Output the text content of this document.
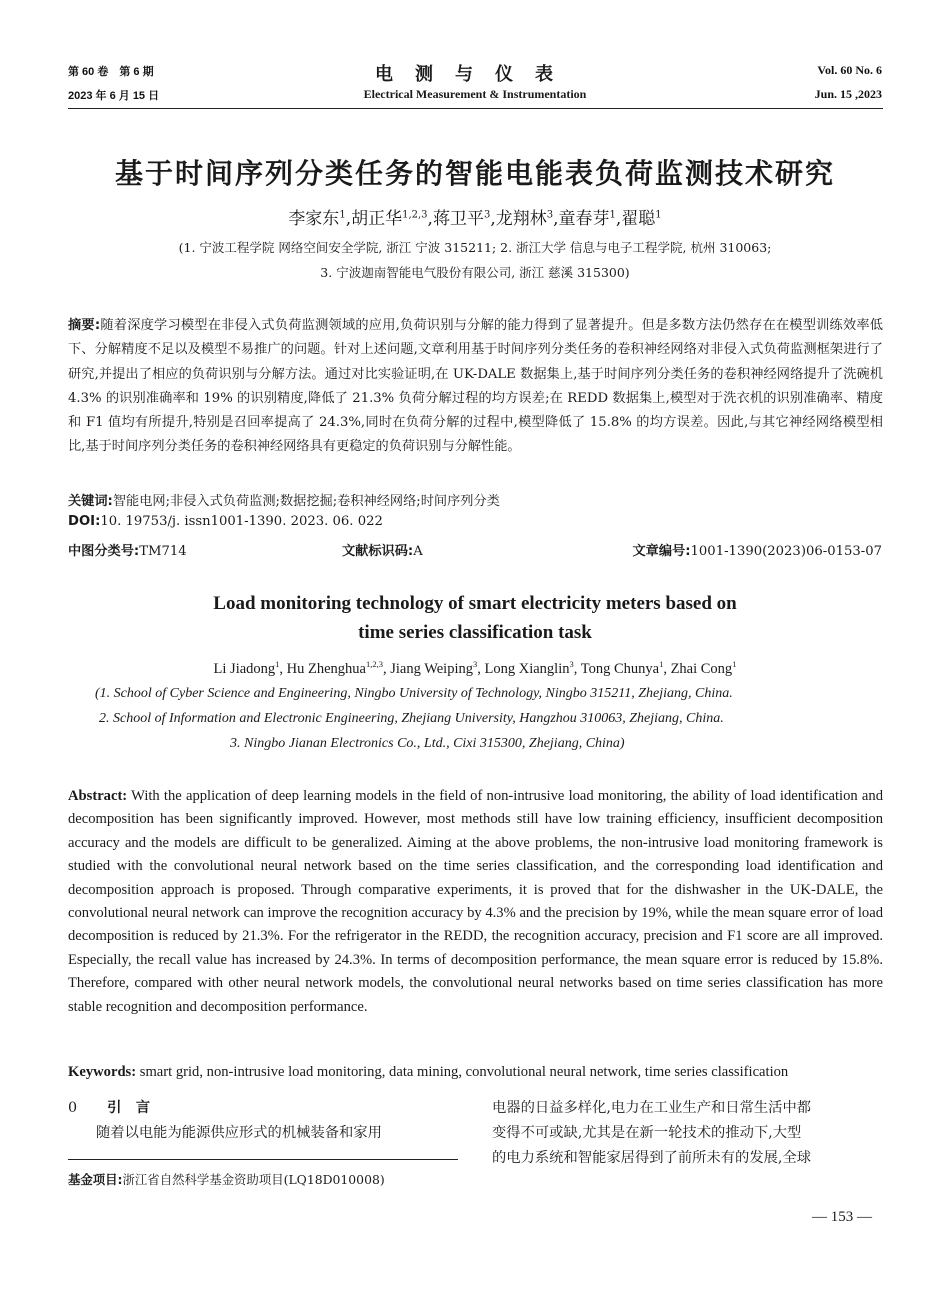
第 60 卷　第 6 期
2023 年 6 月 15 日
电测与仪表
Electrical Measurement & Instrumentation
Vol. 60 No. 6
Jun. 15 ,2023
基于时间序列分类任务的智能电能表负荷监测技术研究
李家东$^1$,胡正华$^{1,2,3}$,蒋卫平$^3$,龙翔林$^3$,童春芽$^1$,翟聪$^1$
(1. 宁波工程学院 网络空间安全学院, 浙江 宁波 315211; 2. 浙江大学 信息与电子工程学院, 杭州 310063;
3. 宁波迦南智能电气股份有限公司, 浙江 慈溪 315300)
摘要:随着深度学习模型在非侵入式负荷监测领域的应用,负荷识别与分解的能力得到了显著提升。但是多数方法仍然存在在模型训练效率低下、分解精度不足以及模型不易推广的问题。针对上述问题,文章利用基于时间序列分类任务的卷积神经网络对非侵入式负荷监测框架进行了研究,并提出了相应的负荷识别与分解方法。通过对比实验证明,在 UK-DALE 数据集上,基于时间序列分类任务的卷积神经网络提升了洗碗机 4.3% 的识别准确率和 19% 的识别精度,降低了 21.3% 负荷分解过程的均方误差;在 REDD 数据集上,模型对于洗衣机的识别准确率、精度和 F1 值均有所提升,特别是召回率提高了 24.3%,同时在负荷分解的过程中,模型降低了 15.8% 的均方误差。因此,与其它神经网络模型相比,基于时间序列分类任务的卷积神经网络具有更稳定的负荷识别与分解性能。
关键词:智能电网;非侵入式负荷监测;数据挖掘;卷积神经网络;时间序列分类
DOI:10. 19753/j. issn1001-1390. 2023. 06. 022
中图分类号:TM714	文献标识码:A	文章编号:1001-1390(2023)06-0153-07
Load monitoring technology of smart electricity meters based on
time series classification task
Li Jiadong$^1$, Hu Zhenghua$^{1,2,3}$, Jiang Weiping$^3$, Long Xianglin$^3$, Tong Chunya$^1$, Zhai Cong$^1$
(1. School of Cyber Science and Engineering, Ningbo University of Technology, Ningbo 315211, Zhejiang, China.
2. School of Information and Electronic Engineering, Zhejiang University, Hangzhou 310063, Zhejiang, China.
3. Ningbo Jianan Electronics Co., Ltd., Cixi 315300, Zhejiang, China)
Abstract: With the application of deep learning models in the field of non-intrusive load monitoring, the ability of load identification and decomposition has been significantly improved. However, most methods still have low training efficiency, insufficient decomposition accuracy and the models are difficult to be generalized. Aiming at the above problems, the non-intrusive load monitoring framework is studied with the convolutional neural network based on the time series classification, and the corresponding load identification and decomposition approach is proposed. Through comparative experiments, it is proved that for the dishwasher in the UK-DALE, the convolutional neural network can improve the recognition accuracy by 4.3% and the precision by 19%, while the mean square error of load decomposition is reduced by 21.3%. For the refrigerator in the REDD, the recognition accuracy, precision and F1 score are all improved. Especially, the recall value has increased by 24.3%. In terms of decomposition performance, the mean square error is reduced by 15.8%. Therefore, compared with other neural network models, the convolutional neural networks based on time series classification has more stable recognition and decomposition performance.
Keywords: smart grid, non-intrusive load monitoring, data mining, convolutional neural network, time series classification
0 引　言
随着以电能为能源供应形式的机械装备和家用
基金项目:浙江省自然科学基金资助项目(LQ18D010008)
电器的日益多样化,电力在工业生产和日常生活中都
变得不可或缺,尤其是在新一轮技术的推动下,大型
的电力系统和智能家居得到了前所未有的发展,全球
— 153 —
